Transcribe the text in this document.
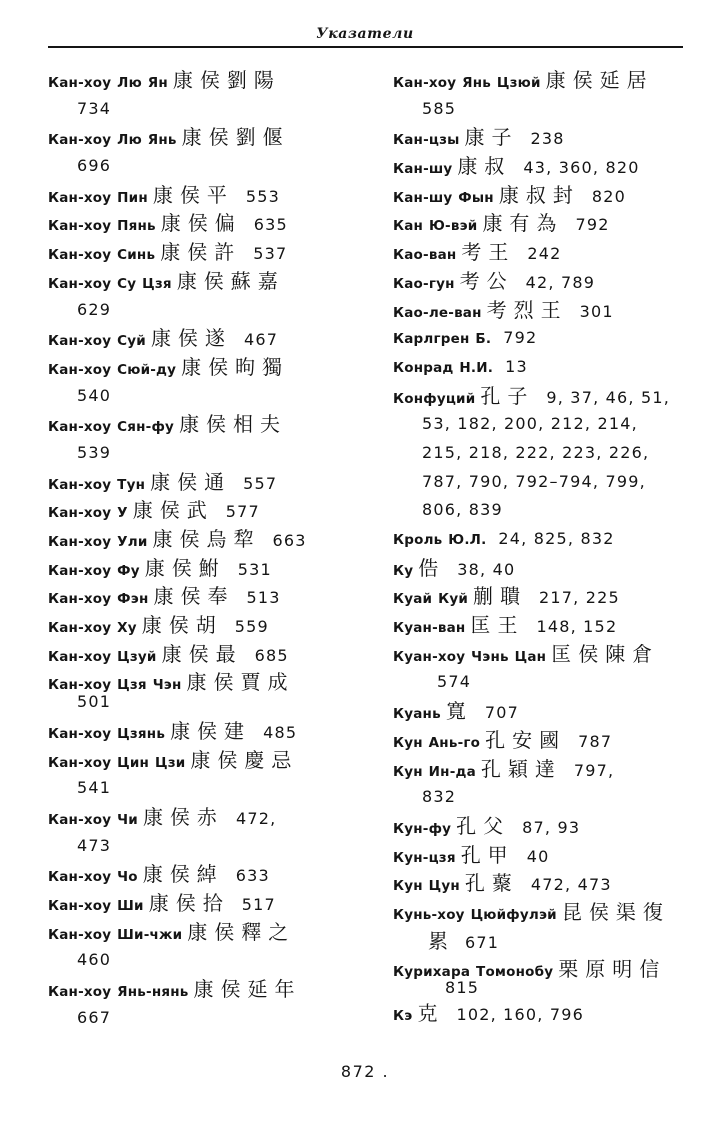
Указатели
Кан-хоу Лю Ян 康侯劉陽
734
Кан-хоу Лю Янь 康侯劉偃
696
Кан-хоу Пин 康侯平 553
Кан-хоу Пянь 康侯偏 635
Кан-хоу Синь 康侯許 537
Кан-хоу Су Цзя 康侯蘇嘉
629
Кан-хоу Суй 康侯遂 467
Кан-хоу Сюй-ду 康侯昫獨
540
Кан-хоу Сян-фу 康侯相夫
539
Кан-хоу Тун 康侯通 557
Кан-хоу У 康侯武 577
Кан-хоу Ули 康侯烏犂 663
Кан-хоу Фу 康侯鮒 531
Кан-хоу Фэн 康侯奉 513
Кан-хоу Ху 康侯胡 559
Кан-хоу Цзуй 康侯最 685
Кан-хоу Цзя Чэн 康侯賈成
501
Кан-хоу Цзянь 康侯建 485
Кан-хоу Цин Цзи 康侯慶忌
541
Кан-хоу Чи 康侯赤 472,
473
Кан-хоу Чо 康侯綽 633
Кан-хоу Ши 康侯拾 517
Кан-хоу Ши-чжи 康侯釋之
460
Кан-хоу Янь-нянь 康侯延年
667
Кан-хоу Янь Цзюй 康侯延居
585
Кан-цзы 康子 238
Кан-шу 康叔 43, 360, 820
Кан-шу Фын 康叔封 820
Кан Ю-вэй 康有為 792
Као-ван 考王 242
Као-гун 考公 42, 789
Као-ле-ван 考烈王 301
Карлгрен Б. 792
Конрад Н.И. 13
Конфуций 孔子 9, 37, 46, 51,
53, 182, 200, 212, 214,
215, 218, 222, 223, 226,
787, 790, 792–794, 799,
806, 839
Кроль Ю.Л. 24, 825, 832
Ку 俈 38, 40
Куай Куй 蒯聵 217, 225
Куан-ван 匡王 148, 152
Куан-хоу Чэнь Цан 匡侯陳倉
574
Куань 寬 707
Кун Ань-го 孔安國 787
Кун Ин-да 孔穎達 797,
832
Кун-фу 孔父 87, 93
Кун-цзя 孔甲 40
Кун Цун 孔藂 472, 473
Кунь-хоу Цюйфулэй 昆侯渠復
累 671
Курихара Томонобу 栗原明信
815
Кэ 克 102, 160, 796
872 .
